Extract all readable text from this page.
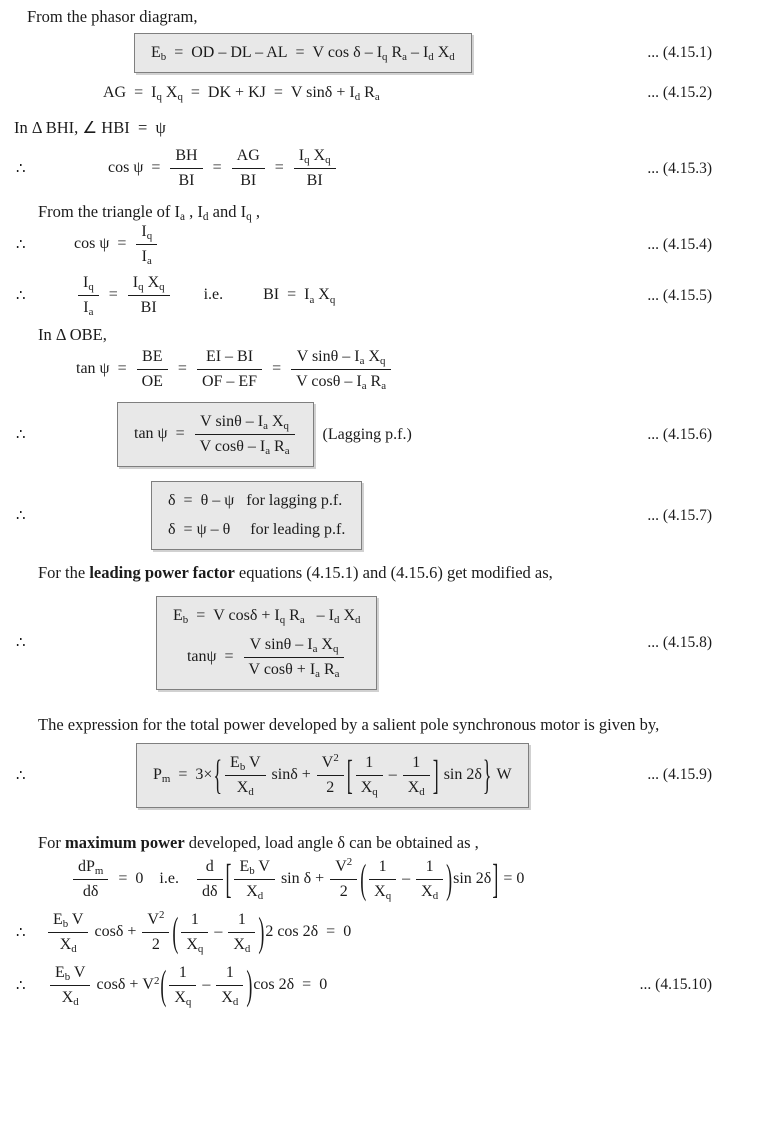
From the phasor diagram,

$E_b$ = OD – DL – AL = V cos δ – $I_q$ $R_a - I_d$ $X_d$	... (4.15.1)
AG = $I_q$ $X_q$ = DK + KJ = V $\sin\delta + I_d$ $R_a$	... (4.15.2)

In Δ BHI, ∠ HBI = ψ

∴	cos ψ =  $\frac{BH}{BI}$  =  $\frac{AG}{BI}$  =  $\frac{I_q X_q}{BI}$	... (4.15.3)

From the triangle of $I_a$ , $I_d$ and $I_q$ ,

∴	cos ψ =  $\frac{I_q}{I_a}$	... (4.15.4)
∴	$\frac{I_q}{I_a}$  =  $\frac{I_q X_q}{BI}$    i.e.    BI = $I_a$ $X_q$	... (4.15.5)

In Δ OBE,

tan ψ =  $\frac{BE}{OE}$  =  $\frac{EI - BI}{OF - EF}$  =  $\frac{V \sin\theta - I_a X_q}{V \cos\theta - I_a R_a}$
∴	tan ψ =  $\frac{V \sin\theta - I_a X_q}{V \cos\theta - I_a R_a}$ (Lagging p.f.)	... (4.15.6)
∴
δ = θ – ψ  for lagging p.f.
δ = ψ – θ  for leading p.f.
... (4.15.7)

For the leading power factor equations (4.15.1) and (4.15.6) get modified as,

∴
$E_b$ = V $\cos\delta + I_q$ $R_a$  – $I_d$ $X_d$
tanψ =  $\frac{V \sin\theta - I_a X_q}{V \cos\theta + I_a R_a}$	... (4.15.8)

The expression for the total power developed by a salient pole synchronous motor is given by,

∴	$P_m$ = $3\times\{ \frac{E_b V}{X_d}$ $\sin\delta + \frac{V^2}{2}$ [ $\frac{1}{X_q} - \frac{1}{X_d}$ ] sin 2δ} W	... (4.15.9)

For maximum power developed, load angle δ can be obtained as ,

$\frac{dP_m}{d\delta}$  = 0  i.e.   $\frac{d}{d\delta}$ [ $\frac{E_b V}{X_d}$ $\sin \delta + \frac{V^2}{2}$ ( $\frac{1}{X_q} - \frac{1}{X_d} )\sin$ 2δ] = 0
∴ $\frac{E_b V}{X_d}$ $\cos\delta + \frac{V^2}{2}$ ( $\frac{1}{X_q} - \frac{1}{X_d} )2$ cos 2δ = 0
∴ $\frac{E_b V}{X_d}$ $\cos\delta + V^2( \frac{1}{X_q} - \frac{1}{X_d} )\cos$ 2δ = 0	... (4.15.10)
